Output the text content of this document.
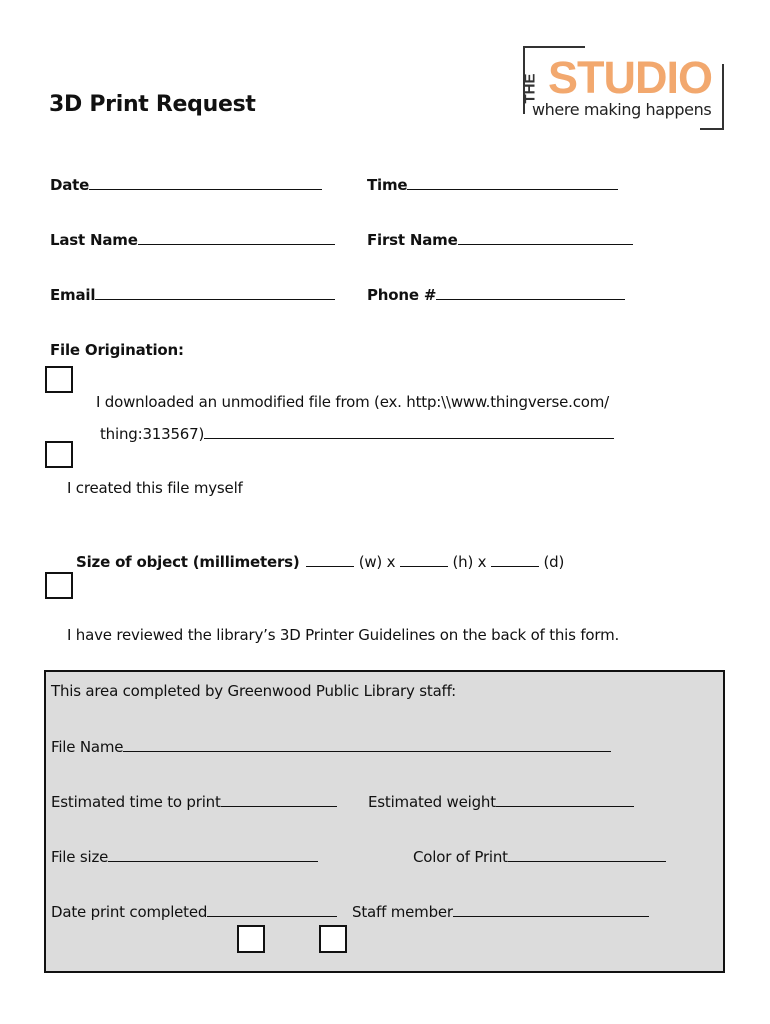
3D Print Request
THE STUDIO
where making happens
Date	Time
Last Name	First Name
Email	Phone #
File Origination:
I downloaded an unmodified file from (ex. http:\\www.thingverse.com/
thing:313567)
I created this file myself
Size of object (millimeters)	(w) x	(h) x	(d)
I have reviewed the library’s 3D Printer Guidelines on the back of this form.
This area completed by Greenwood Public Library staff:
File Name
Estimated time to print	Estimated weight
File size	Color of Print
Date print completed	Staff member
